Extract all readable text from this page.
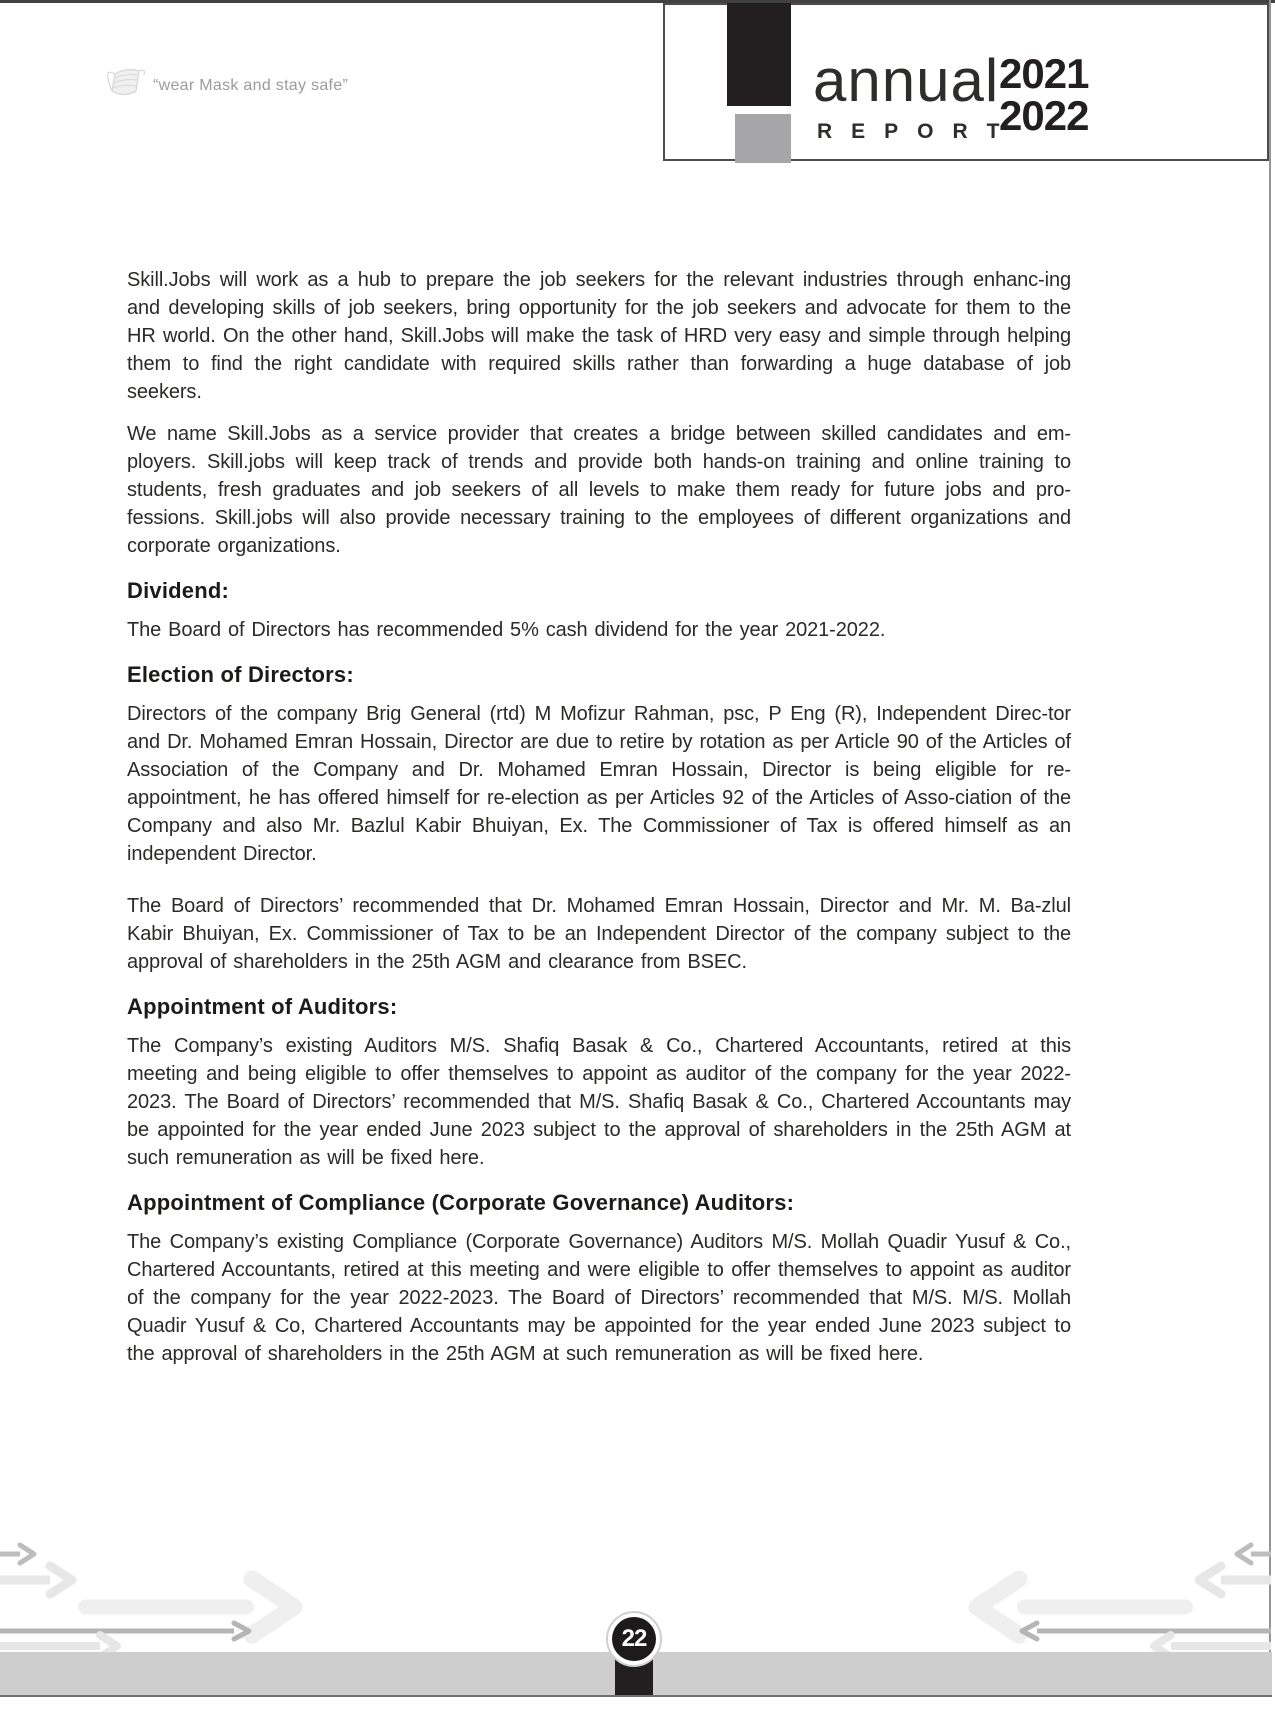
“wear Mask and stay safe”	annual
REPORT
2021
2022

Skill.Jobs will work as a hub to prepare the job seekers for the relevant industries through enhanc-ing and developing skills of job seekers, bring opportunity for the job seekers and advocate for them to the HR world. On the other hand, Skill.Jobs will make the task of HRD very easy and simple through helping them to find the right candidate with required skills rather than forwarding a huge database of job seekers.

We name Skill.Jobs as a service provider that creates a bridge between skilled candidates and em-ployers. Skill.jobs will keep track of trends and provide both hands-on training and online training to students, fresh graduates and job seekers of all levels to make them ready for future jobs and pro-fessions. Skill.jobs will also provide necessary training to the employees of different organizations and corporate organizations.

Dividend:

The Board of Directors has recommended 5% cash dividend for the year 2021-2022.

Election of Directors:

Directors of the company Brig General (rtd) M Mofizur Rahman, psc, P Eng (R), Independent Direc-tor and Dr. Mohamed Emran Hossain, Director are due to retire by rotation as per Article 90 of the Articles of Association of the Company and Dr. Mohamed Emran Hossain, Director is being eligible for re-appointment, he has offered himself for re-election as per Articles 92 of the Articles of Asso-ciation of the Company and also Mr. Bazlul Kabir Bhuiyan, Ex. The Commissioner of Tax is offered himself as an independent Director.

The Board of Directors’ recommended that Dr. Mohamed Emran Hossain, Director and Mr. M. Ba-zlul Kabir Bhuiyan, Ex. Commissioner of Tax to be an Independent Director of the company subject to the approval of shareholders in the 25th AGM and clearance from BSEC.

Appointment of Auditors:

The Company’s existing Auditors M/S. Shafiq Basak & Co., Chartered Accountants, retired at this meeting and being eligible to offer themselves to appoint as auditor of the company for the year 2022-2023. The Board of Directors’ recommended that M/S. Shafiq Basak & Co., Chartered Accountants may be appointed for the year ended June 2023 subject to the approval of shareholders in the 25th AGM at such remuneration as will be fixed here.

Appointment of Compliance (Corporate Governance) Auditors:

The Company’s existing Compliance (Corporate Governance) Auditors M/S. Mollah Quadir Yusuf & Co., Chartered Accountants, retired at this meeting and were eligible to offer themselves to appoint as auditor of the company for the year 2022-2023. The Board of Directors’ recommended that M/S. M/S. Mollah Quadir Yusuf & Co, Chartered Accountants may be appointed for the year ended June 2023 subject to the approval of shareholders in the 25th AGM at such remuneration as will be fixed here.

22
